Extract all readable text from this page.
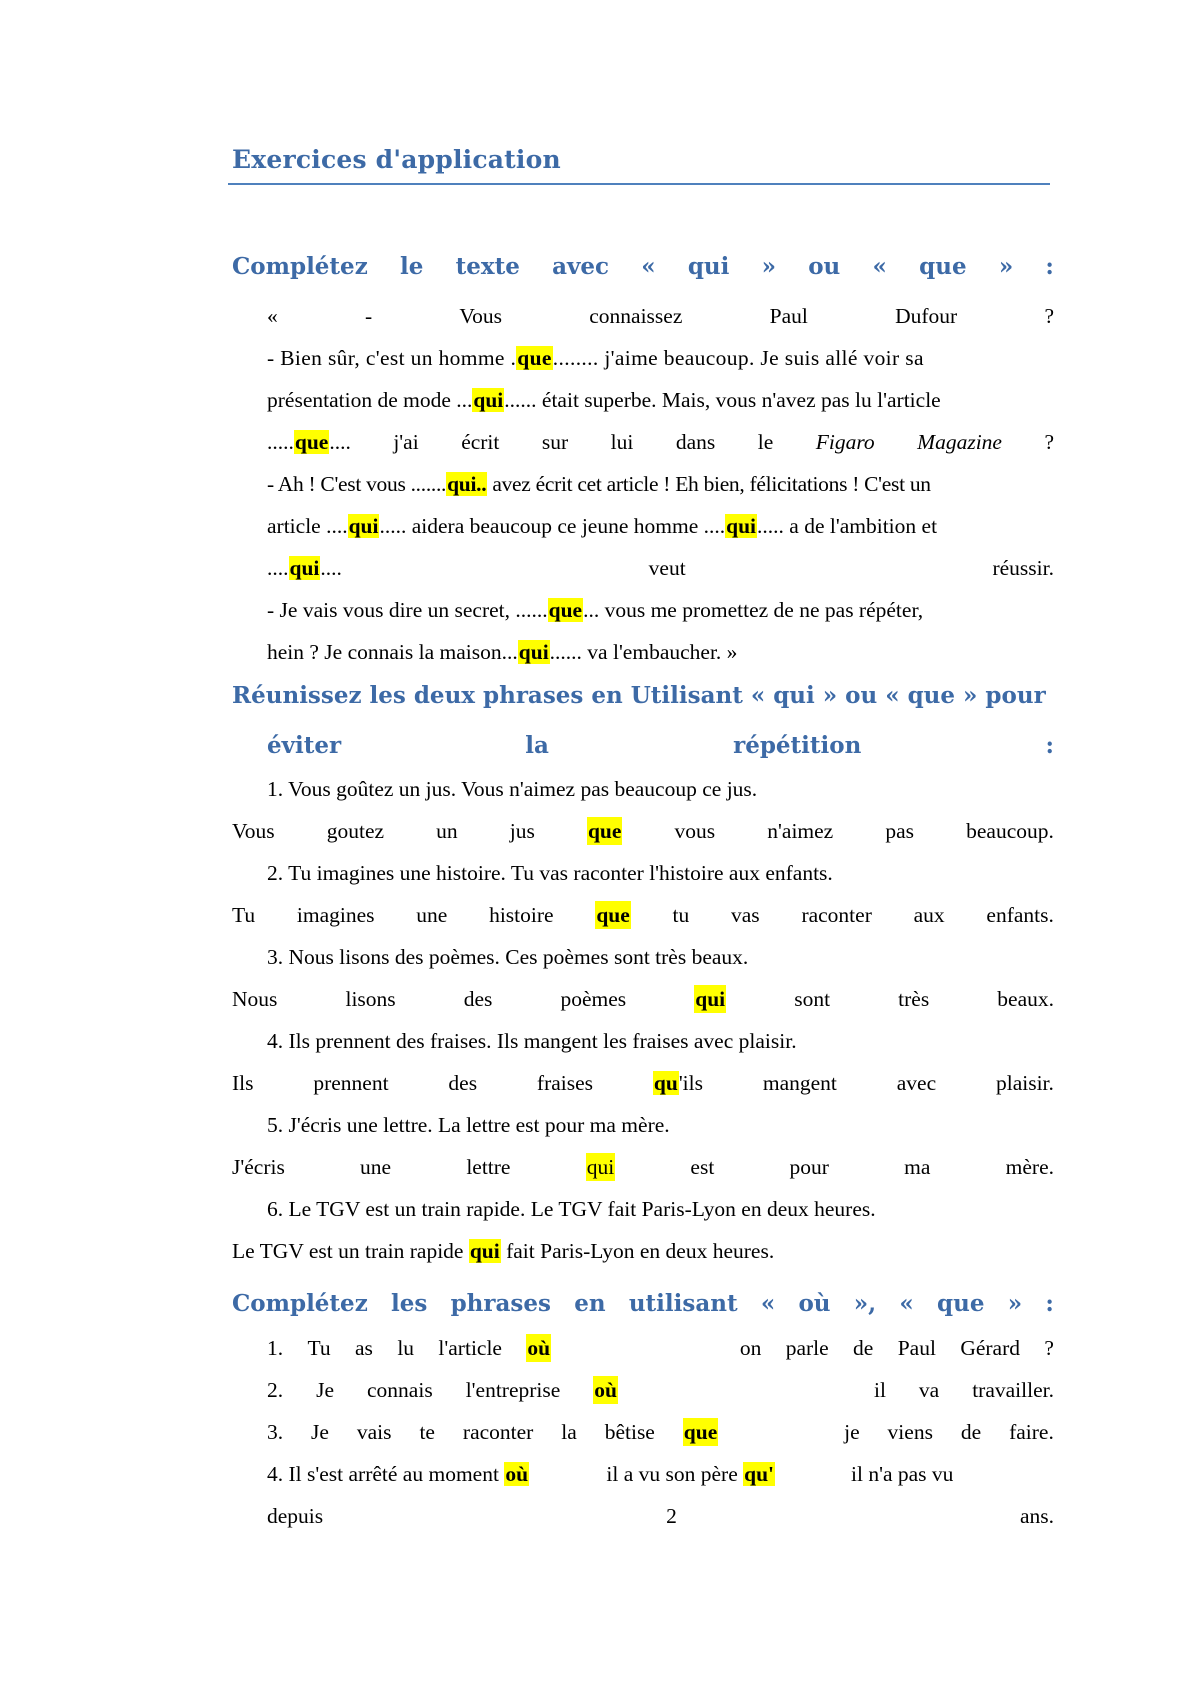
Exercices d'application
Complétez le texte avec « qui » ou « que » :
«	-	Vous	connaissez	Paul	Dufour	?
- Bien sûr, c'est un homme .que........ j'aime beaucoup. Je suis allé voir sa
présentation de mode ...qui...... était superbe. Mais, vous n'avez pas lu l'article
.....que.... j'ai écrit sur lui dans le Figaro Magazine ?
- Ah ! C'est vous .......qui.. avez écrit cet article ! Eh bien, félicitations ! C'est un
article ....qui..... aidera beaucoup ce jeune homme ....qui..... a de l'ambition et
....qui....	veut	réussir.
- Je vais vous dire un secret, ......que... vous me promettez de ne pas répéter,
hein ? Je connais la maison...qui...... va l'embaucher. »
Réunissez les deux phrases en Utilisant « qui » ou « que » pour
éviter	la	répétition	:
1. Vous goûtez un jus. Vous n'aimez pas beaucoup ce jus.
Vous goutez un jus que vous n'aimez pas beaucoup.
2. Tu imagines une histoire. Tu vas raconter l'histoire aux enfants.
Tu imagines une histoire que tu vas raconter aux enfants.
3. Nous lisons des poèmes. Ces poèmes sont très beaux.
Nous	lisons	des	poèmes	qui	sont	très	beaux.
4. Ils prennent des fraises. Ils mangent les fraises avec plaisir.
Ils	prennent	des	fraises	qu'ils	mangent	avec	plaisir.
5. J'écris une lettre. La lettre est pour ma mère.
J'écris	une	lettre	qui	est	pour	ma	mère.
6. Le TGV est un train rapide. Le TGV fait Paris-Lyon en deux heures.
Le TGV est un train rapide qui fait Paris-Lyon en deux heures.
Complétez les phrases en utilisant « où », « que » :
1. Tu as lu l'article où	on parle de Paul Gérard ?
2. Je connais l'entreprise où	il va travailler.
3. Je vais te raconter la bêtise que	je viens de faire.
4. Il s'est arrêté au moment où	il a vu son père qu'	il n'a pas vu
depuis	2	ans.
